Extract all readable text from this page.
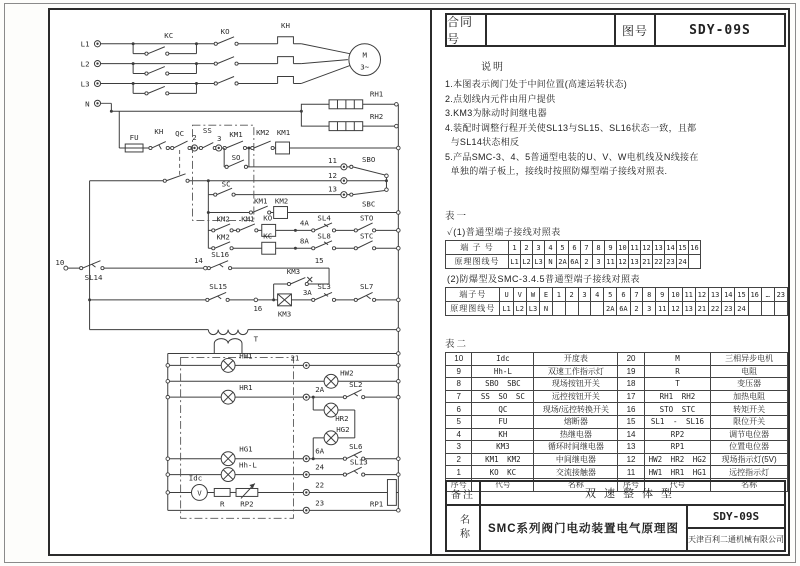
L1
L2
L3
N
KC	KO
KH
M
3~
RH1
RH2
FU
KH QC 2
SS
3 KM1 KM2 KM1
SO	11	SBO
12
13
SBC
SC
KM1 KM2
KM2 KM1 KO
4A
SL4	STO
KM2	KC
8A
SL8	STC
10
SL14
14
SL16
15
KM3
SL15
16
KM3
3A
SL3	SL7
T
HW1	21
HW2
HR1	2A
SL2
HR2
HG2
HG1	6A
SL6
Hh-L	24
SL13
Idc
V
R RP2
22
RP1
23
合同号
图号	SDY-09S
说明
1.本图表示阀门处于中间位置(高速运转状态)
2.点划线内元件由用户提供
3.KM3为脉动时间继电器
4.装配时调整行程开关使SL13与SL15、SL16状态一致，且都
与SL14状态相反
5.产品SMC-3、4、5普通型电装的U、V、W电机线及N线接在
单独的端子板上，接线时按照防爆型端子接线对照表.
表一
✓(1)普通型端子接线对照表
端 子 号	1	2	3	4	5	6	7	8	9	10	11	12	13	14	15	16
原理图线号	L1	L2	L3	N	2A	6A	2	3	11	12	13	21	22	23	24	
(2)防爆型及SMC-3.4.5普通型端子接线对照表
端子号	U	V	W	E	1	2	3	4	5	6	7	8	9	10	11	12	13	14	15	16	…	23
原理图线号	L1	L2	L3	N					2A	6A	2	3	11	12	13	21	22	23	24			
表二
10	Idc	开度表	20	M	三相异步电机
9	Hh-L	双速工作指示灯	19	R	电阻
8	SBO SBC	现场按钮开关	18	T	变压器
7	SS SO SC	远控按钮开关	17	RH1 RH2	加热电阻
6	QC	现场/远控转换开关	16	STO STC	转矩开关
5	FU	熔断器	15	SL1 - SL16	限位开关
4	KH	热继电器	14	RP2	调节电位器
3	KM3	循环时间继电器	13	RP1	位置电位器
2	KM1 KM2	中间继电器	12	HW2 HR2 HG2	现场指示灯(5V)
1	KO KC	交流接触器	11	HW1 HR1 HG1	远控指示灯
序号	代号	名称	序号	代号	名称
备注	双速整体型
名称	SMC系列阀门电动装置电气原理图
SDY-09S
天津百利二通机械有限公司
